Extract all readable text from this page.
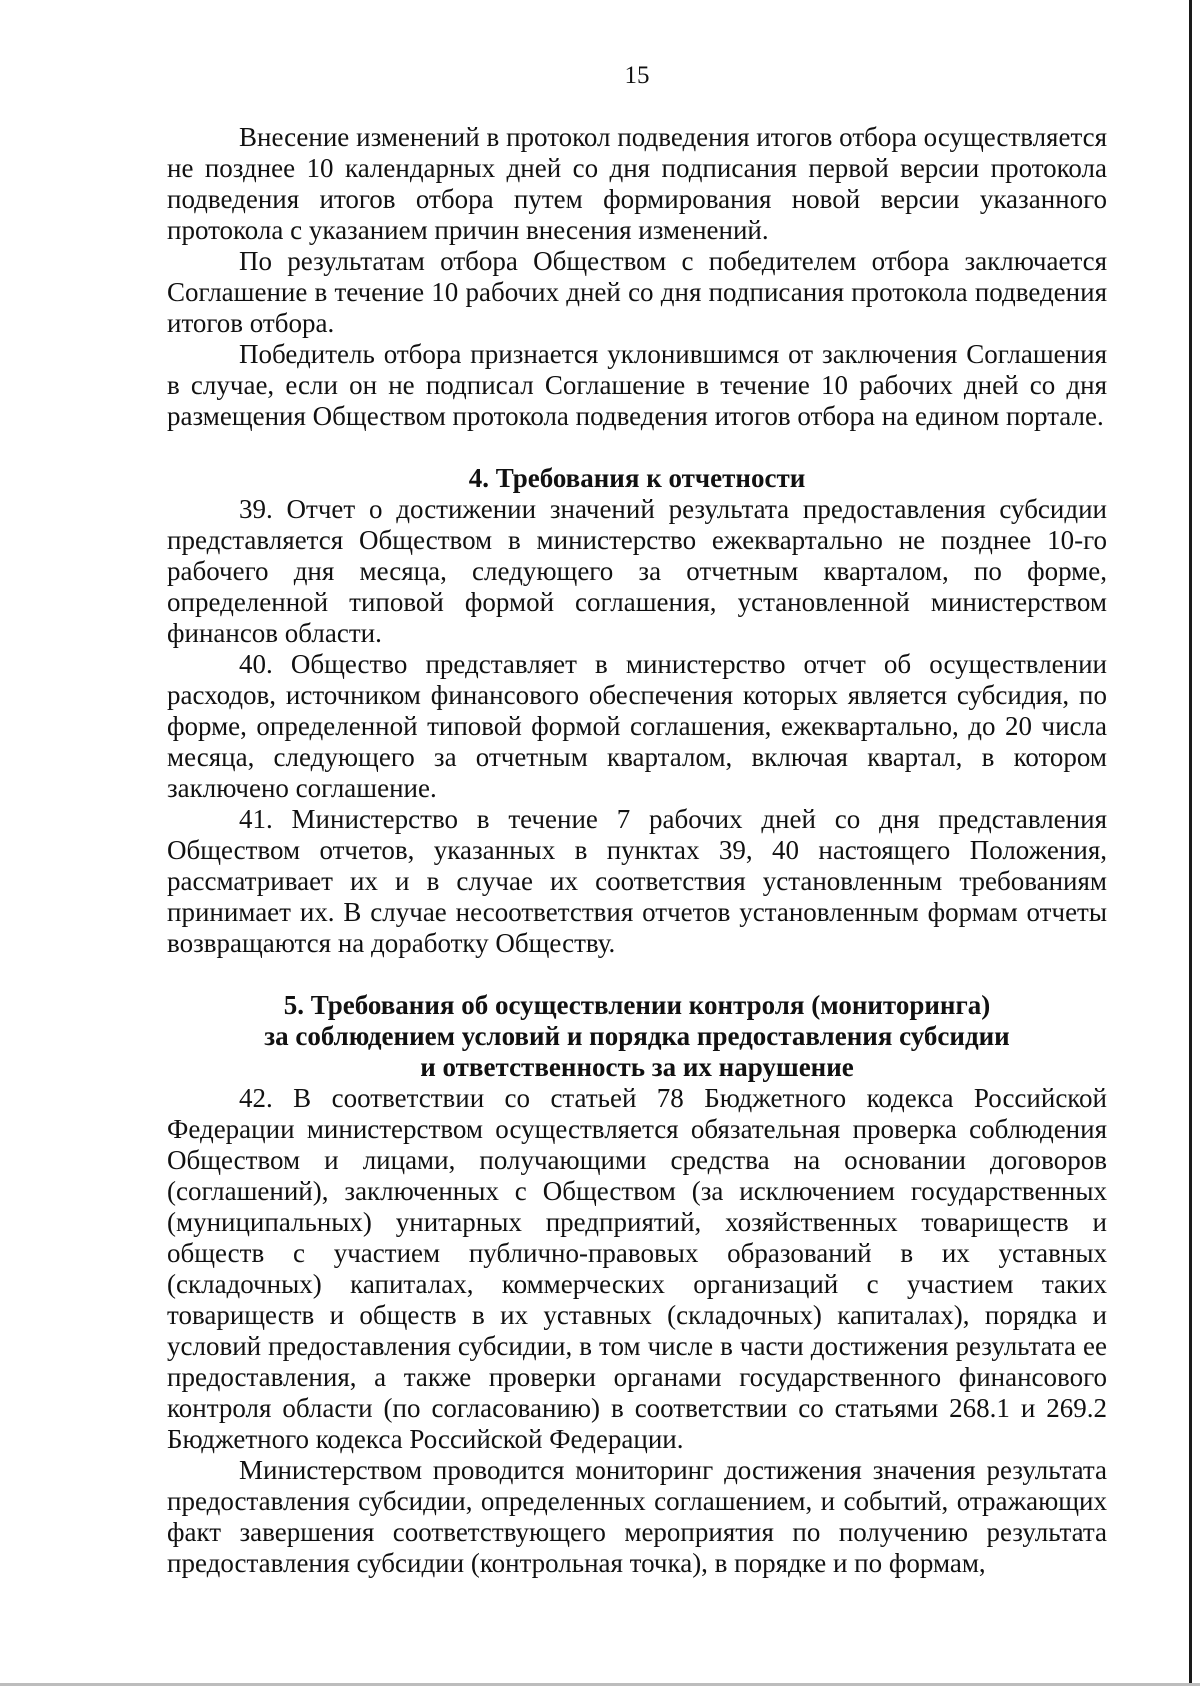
15

Внесение изменений в протокол подведения итогов отбора осуществляется не позднее 10 календарных дней со дня подписания первой версии протокола подведения итогов отбора путем формирования новой версии указанного протокола с указанием причин внесения изменений.

По результатам отбора Обществом с победителем отбора заключается Соглашение в течение 10 рабочих дней со дня подписания протокола подведения итогов отбора.

Победитель отбора признается уклонившимся от заключения Соглашения в случае, если он не подписал Соглашение в течение 10 рабочих дней со дня размещения Обществом протокола подведения итогов отбора на едином портале.

4. Требования к отчетности

39. Отчет о достижении значений результата предоставления субсидии представляется Обществом в министерство ежеквартально не позднее 10-го рабочего дня месяца, следующего за отчетным кварталом, по форме, определенной типовой формой соглашения, установленной министерством финансов области.

40. Общество представляет в министерство отчет об осуществлении расходов, источником финансового обеспечения которых является субсидия, по форме, определенной типовой формой соглашения, ежеквартально, до 20 числа месяца, следующего за отчетным кварталом, включая квартал, в котором заключено соглашение.

41. Министерство в течение 7 рабочих дней со дня представления Обществом отчетов, указанных в пунктах 39, 40 настоящего Положения, рассматривает их и в случае их соответствия установленным требованиям принимает их. В случае несоответствия отчетов установленным формам отчеты возвращаются на доработку Обществу.

5. Требования об осуществлении контроля (мониторинга)
за соблюдением условий и порядка предоставления субсидии
и ответственность за их нарушение

42. В соответствии со статьей 78 Бюджетного кодекса Российской Федерации министерством осуществляется обязательная проверка соблюдения Обществом и лицами, получающими средства на основании договоров (соглашений), заключенных с Обществом (за исключением государственных (муниципальных) унитарных предприятий, хозяйственных товариществ и обществ с участием публично-правовых образований в их уставных (складочных) капиталах, коммерческих организаций с участием таких товариществ и обществ в их уставных (складочных) капиталах), порядка и условий предоставления субсидии, в том числе в части достижения результата ее предоставления, а также проверки органами государственного финансового контроля области (по согласованию) в соответствии со статьями 268.1 и 269.2 Бюджетного кодекса Российской Федерации.

Министерством проводится мониторинг достижения значения результата предоставления субсидии, определенных соглашением, и событий, отражающих факт завершения соответствующего мероприятия по получению результата предоставления субсидии (контрольная точка), в порядке и по формам,
